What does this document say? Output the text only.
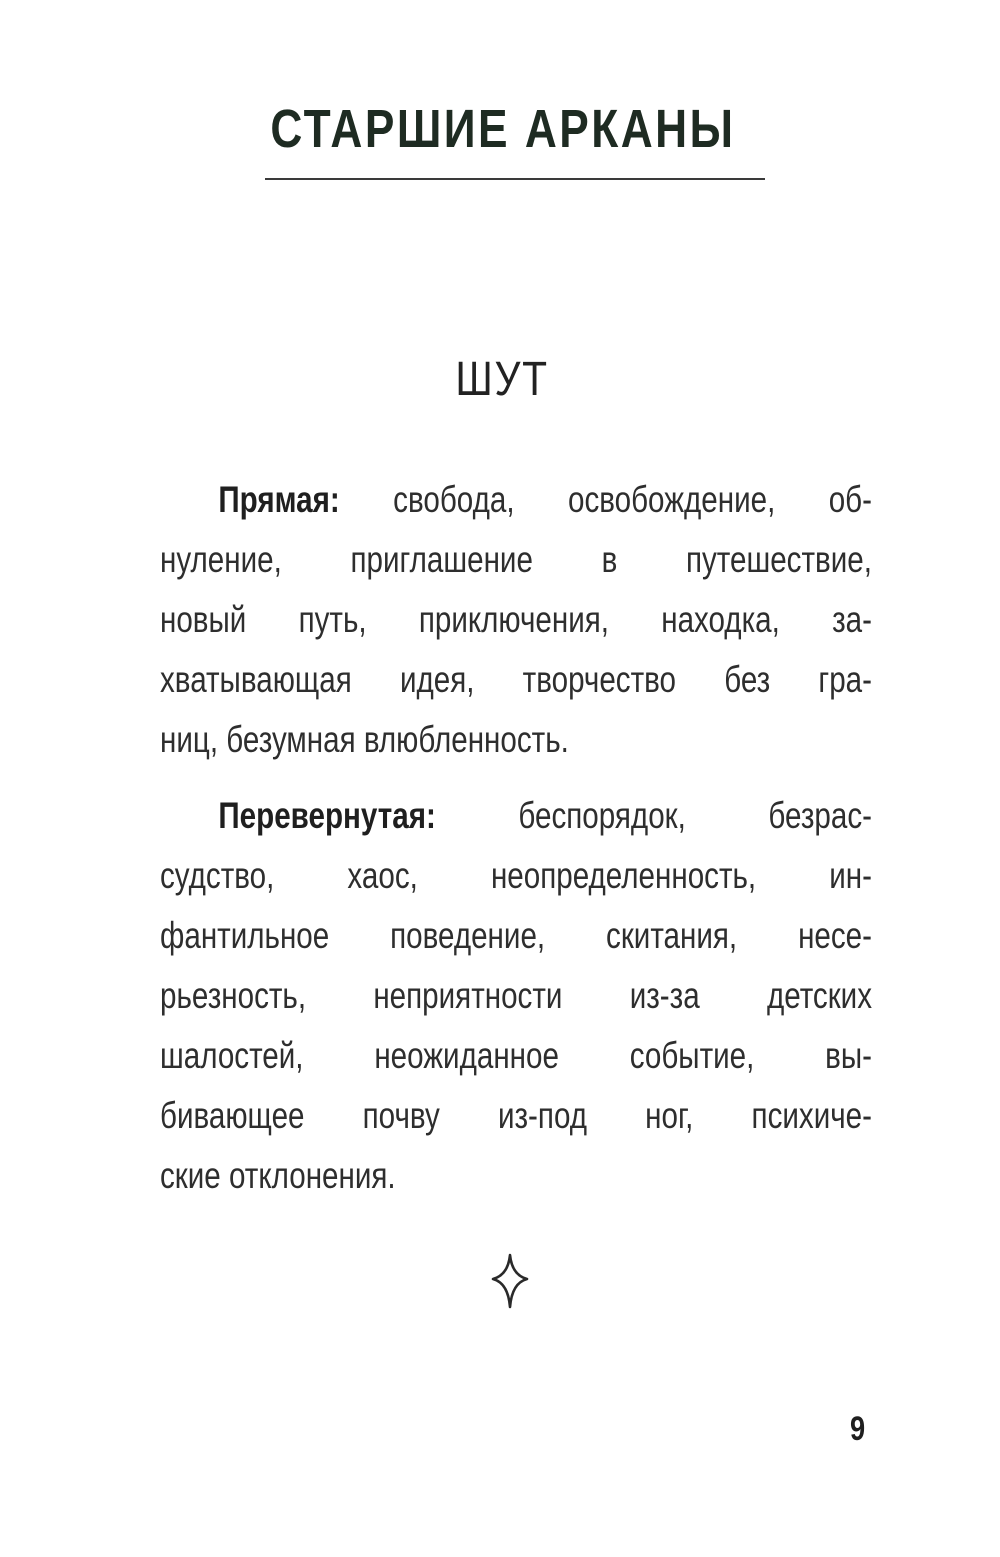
СТАРШИЕ АРКАНЫ
ШУТ
Прямая: свобода, освобождение, об-
нуление, приглашение в путешествие,
новый путь, приключения, находка, за-
хватывающая идея, творчество без гра-
ниц, безумная влюбленность.
Перевернутая: беспорядок, безрас-
судство, хаос, неопределенность, ин-
фантильное поведение, скитания, несе-
рьезность, неприятности из-за детских
шалостей, неожиданное событие, вы-
бивающее почву из-под ног, психиче-
ские отклонения.
9
